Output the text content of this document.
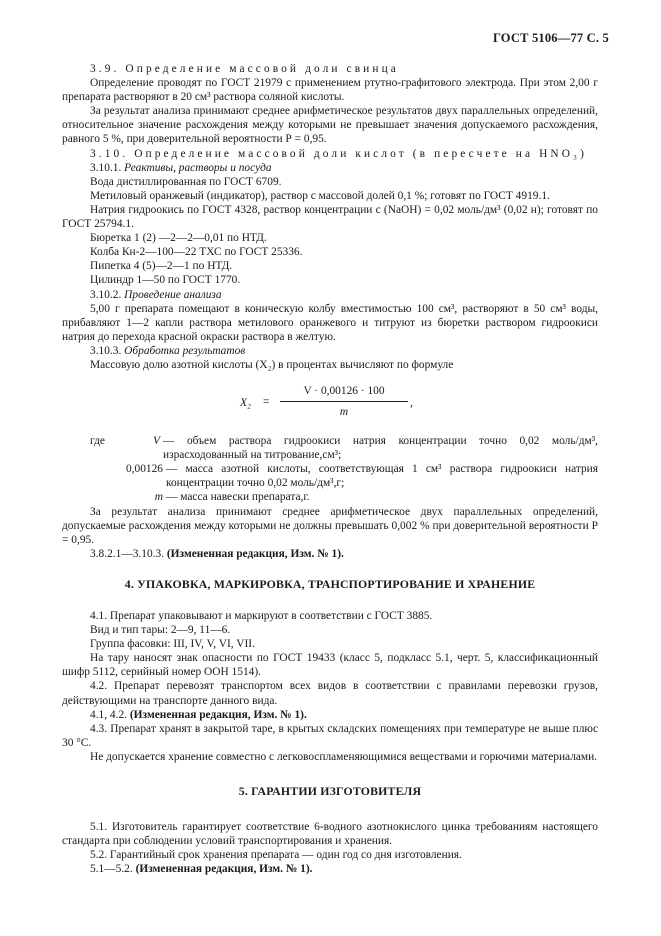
ГОСТ 5106—77 С. 5

3.9. Определение массовой доли свинца

Определение проводят по ГОСТ 21979 с применением ртутно-графитового электрода. При этом 2,00 г препарата растворяют в 20 см³ раствора соляной кислоты.

За результат анализа принимают среднее арифметическое результатов двух параллельных определений, относительное значение расхождения между которыми не превышает значения допускаемого расхождения, равного 5 %, при доверительной вероятности Р = 0,95.

3.10. Определение массовой доли кислот (в пересчете на HNO₃)

3.10.1. Реактивы, растворы и посуда

Вода дистиллированная по ГОСТ 6709.

Метиловый оранжевый (индикатор), раствор с массовой долей 0,1 %; готовят по ГОСТ 4919.1.

Натрия гидроокись по ГОСТ 4328, раствор концентрации с (NaOH) = 0,02 моль/дм³ (0,02 н); готовят по ГОСТ 25794.1.

Бюретка 1 (2) —2—2—0,01 по НТД.

Колба Кн-2—100—22 ТХС по ГОСТ 25336.

Пипетка 4 (5)—2—1 по НТД.

Цилиндр 1—50 по ГОСТ 1770.

3.10.2. Проведение анализа

5,00 г препарата помещают в коническую колбу вместимостью 100 см³, растворяют в 50 см³ воды, прибавляют 1—2 капли раствора метилового оранжевого и титруют из бюретки раствором гидроокиси натрия до перехода красной окраски раствора в желтую.

3.10.3. Обработка результатов

Массовую долю азотной кислоты (X₂) в процентах вычисляют по формуле

X₂ =
V · 0,00126 · 100
m
,
где	V — объем раствора гидроокиси натрия концентрации точно 0,02 моль/дм³, израсходованный на титрование,см³;
0,00126 — масса азотной кислоты, соответствующая 1 см³ раствора гидроокиси натрия концентрации точно 0,02 моль/дм³,г;
m — масса навески препарата,г.

За результат анализа принимают среднее арифметическое двух параллельных определений, допускаемые расхождения между которыми не должны превышать 0,002 % при доверительной вероятности Р = 0,95.

3.8.2.1—3.10.3. (Измененная редакция, Изм. № 1).

4. УПАКОВКА, МАРКИРОВКА, ТРАНСПОРТИРОВАНИЕ И ХРАНЕНИЕ

4.1. Препарат упаковывают и маркируют в соответствии с ГОСТ 3885.

Вид и тип тары: 2—9, 11—6.

Группа фасовки: III, IV, V, VI, VII.

На тару наносят знак опасности по ГОСТ 19433 (класс 5, подкласс 5.1, черт. 5, классификационный шифр 5112, серийный номер ООН 1514).

4.2. Препарат перевозят транспортом всех видов в соответствии с правилами перевозки грузов, действующими на транспорте данного вида.

4.1, 4.2. (Измененная редакция, Изм. № 1).

4.3. Препарат хранят в закрытой таре, в крытых складских помещениях при температуре не выше плюс 30 °С.

Не допускается хранение совместно с легковоспламеняющимися веществами и горючими материалами.

5. ГАРАНТИИ ИЗГОТОВИТЕЛЯ

5.1. Изготовитель гарантирует соответствие 6-водного азотнокислого цинка требованиям настоящего стандарта при соблюдении условий транспортирования и хранения.

5.2. Гарантийный срок хранения препарата — один год со дня изготовления.

5.1—5.2. (Измененная редакция, Изм. № 1).
